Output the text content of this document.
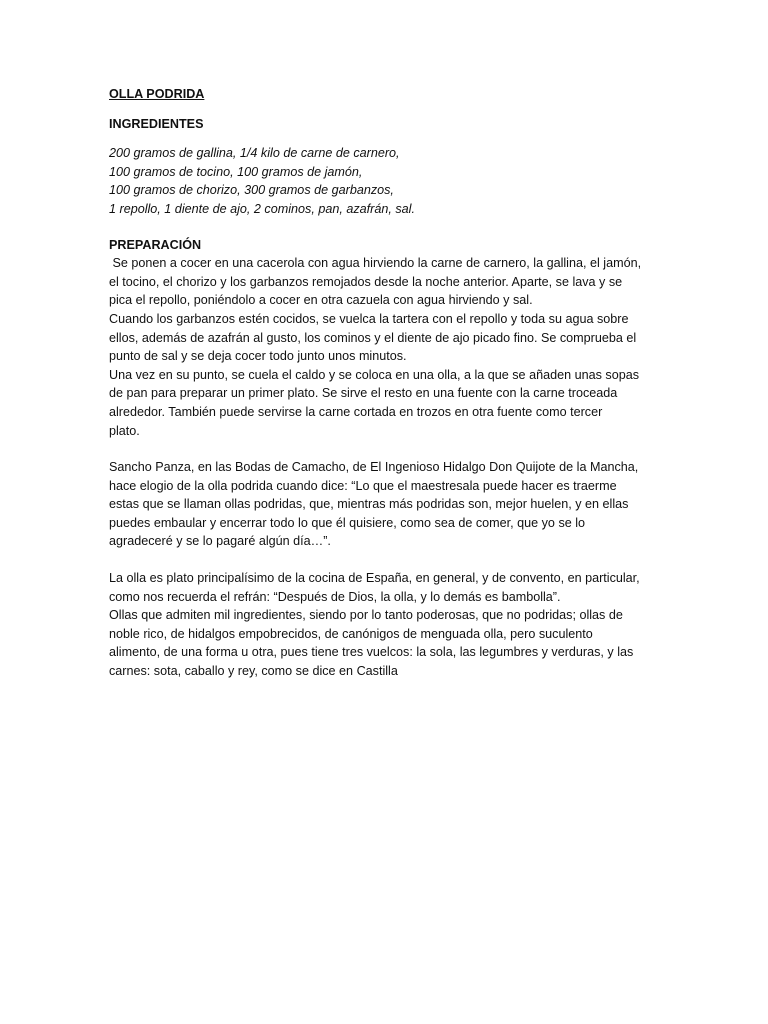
OLLA PODRIDA

INGREDIENTES

200 gramos de gallina, 1/4 kilo de carne de carnero,
100 gramos de tocino, 100 gramos de jamón,
100 gramos de chorizo, 300 gramos de garbanzos,
1 repollo, 1 diente de ajo, 2 cominos, pan, azafrán, sal.

PREPARACIÓN

Se ponen a cocer en una cacerola con agua hirviendo la carne de carnero, la gallina, el jamón,
el tocino, el chorizo y los garbanzos remojados desde la noche anterior. Aparte, se lava y se
pica el repollo, poniéndolo a cocer en otra cazuela con agua hirviendo y sal.
Cuando los garbanzos estén cocidos, se vuelca la tartera con el repollo y toda su agua sobre
ellos, además de azafrán al gusto, los cominos y el diente de ajo picado fino. Se comprueba el
punto de sal y se deja cocer todo junto unos minutos.
Una vez en su punto, se cuela el caldo y se coloca en una olla, a la que se añaden unas sopas
de pan para preparar un primer plato. Se sirve el resto en una fuente con la carne troceada
alrededor. También puede servirse la carne cortada en trozos en otra fuente como tercer
plato.
Sancho Panza, en las Bodas de Camacho, de El Ingenioso Hidalgo Don Quijote de la Mancha,
hace elogio de la olla podrida cuando dice: “Lo que el maestresala puede hacer es traerme
estas que se llaman ollas podridas, que, mientras más podridas son, mejor huelen, y en ellas
puedes embaular y encerrar todo lo que él quisiere, como sea de comer, que yo se lo
agradeceré y se lo pagaré algún día…”.
La olla es plato principalísimo de la cocina de España, en general, y de convento, en particular,
como nos recuerda el refrán: “Después de Dios, la olla, y lo demás es bambolla”.
Ollas que admiten mil ingredientes, siendo por lo tanto poderosas, que no podridas; ollas de
noble rico, de hidalgos empobrecidos, de canónigos de menguada olla, pero suculento
alimento, de una forma u otra, pues tiene tres vuelcos: la sola, las legumbres y verduras, y las
carnes: sota, caballo y rey, como se dice en Castilla
